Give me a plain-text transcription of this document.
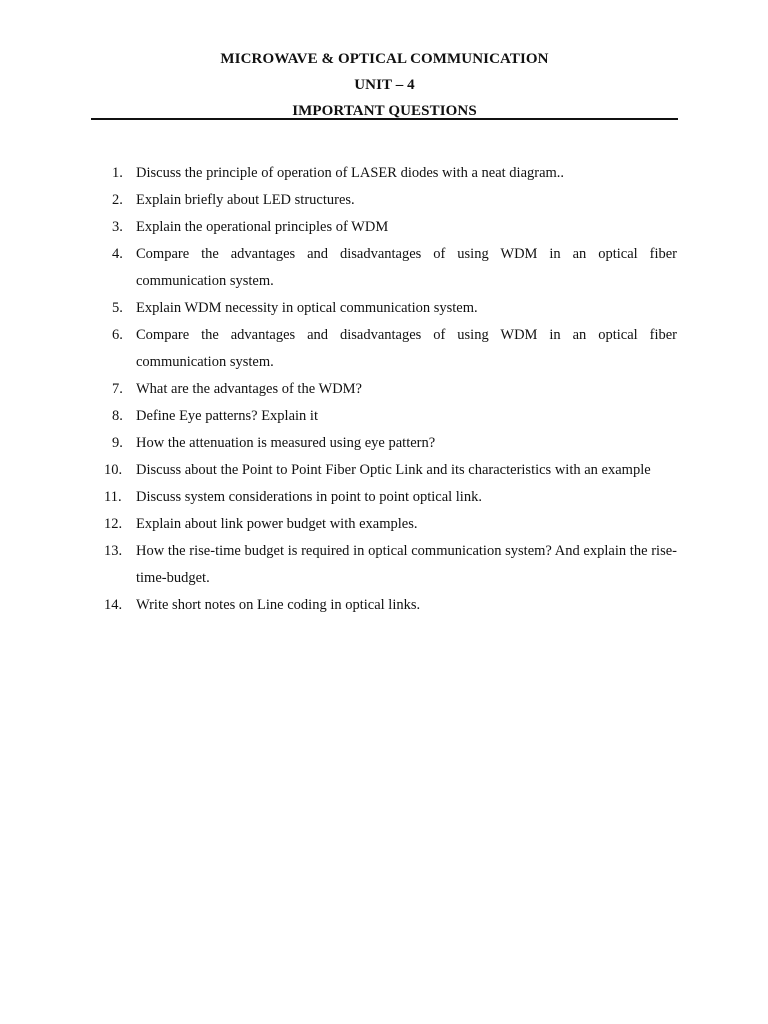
MICROWAVE & OPTICAL COMMUNICATION
UNIT – 4
IMPORTANT QUESTIONS
1. Discuss the principle of operation of LASER diodes with a neat diagram..
2. Explain briefly about LED structures.
3. Explain the operational principles of WDM
4. Compare the advantages and disadvantages of using WDM in an optical fiber communication system.
5. Explain WDM necessity in optical communication system.
6. Compare the advantages and disadvantages of using WDM in an optical fiber communication system.
7. What are the advantages of the WDM?
8. Define Eye patterns? Explain it
9. How the attenuation is measured using eye pattern?
10. Discuss about the Point to Point Fiber Optic Link and its characteristics with an example
11. Discuss system considerations in point to point optical link.
12. Explain about link power budget with examples.
13. How the rise-time budget is required in optical communication system? And explain the rise-time-budget.
14. Write short notes on Line coding in optical links.
